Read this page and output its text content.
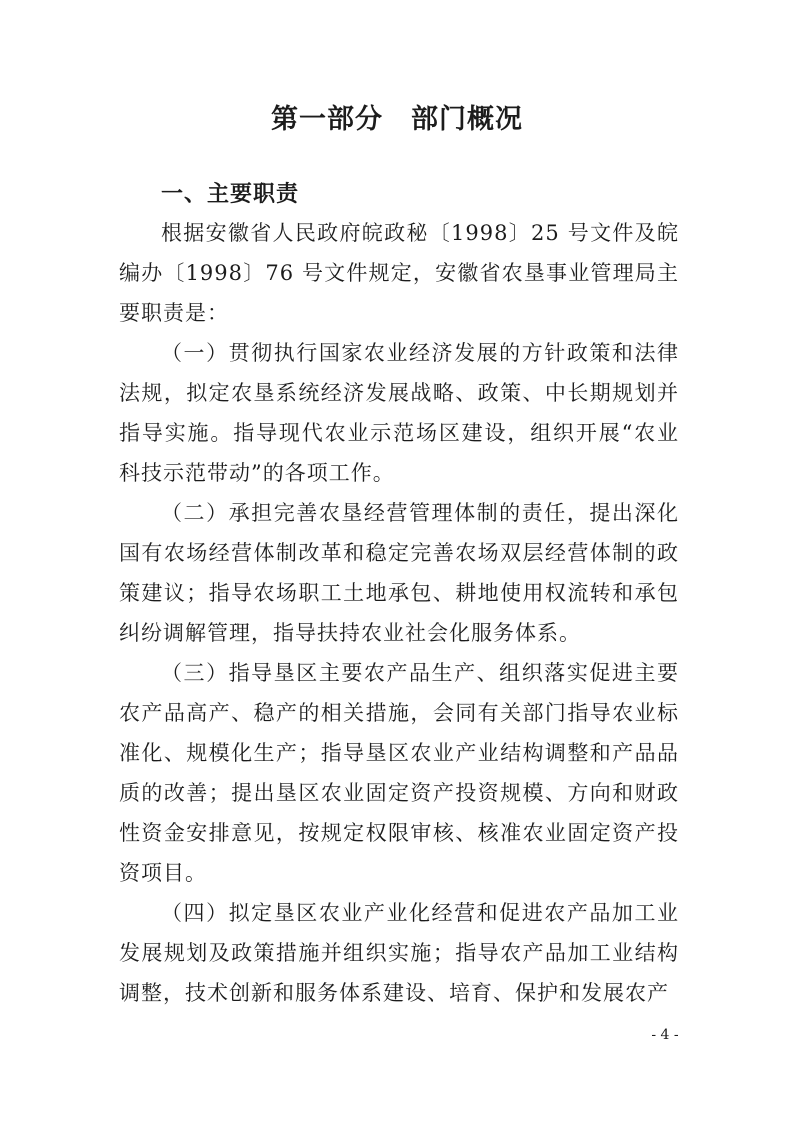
第一部分　部门概况
一、主要职责

根据安徽省人民政府皖政秘〔1998〕25 号文件及皖编办〔1998〕76 号文件规定，安徽省农垦事业管理局主要职责是：

（一）贯彻执行国家农业经济发展的方针政策和法律法规，拟定农垦系统经济发展战略、政策、中长期规划并指导实施。指导现代农业示范场区建设，组织开展“农业科技示范带动”的各项工作。

（二）承担完善农垦经营管理体制的责任，提出深化国有农场经营体制改革和稳定完善农场双层经营体制的政策建议；指导农场职工土地承包、耕地使用权流转和承包纠纷调解管理，指导扶持农业社会化服务体系。

（三）指导垦区主要农产品生产、组织落实促进主要农产品高产、稳产的相关措施，会同有关部门指导农业标准化、规模化生产；指导垦区农业产业结构调整和产品品质的改善；提出垦区农业固定资产投资规模、方向和财政性资金安排意见，按规定权限审核、核准农业固定资产投资项目。

（四）拟定垦区农业产业化经营和促进农产品加工业发展规划及政策措施并组织实施；指导农产品加工业结构调整，技术创新和服务体系建设、培育、保护和发展农产

- 4 -
